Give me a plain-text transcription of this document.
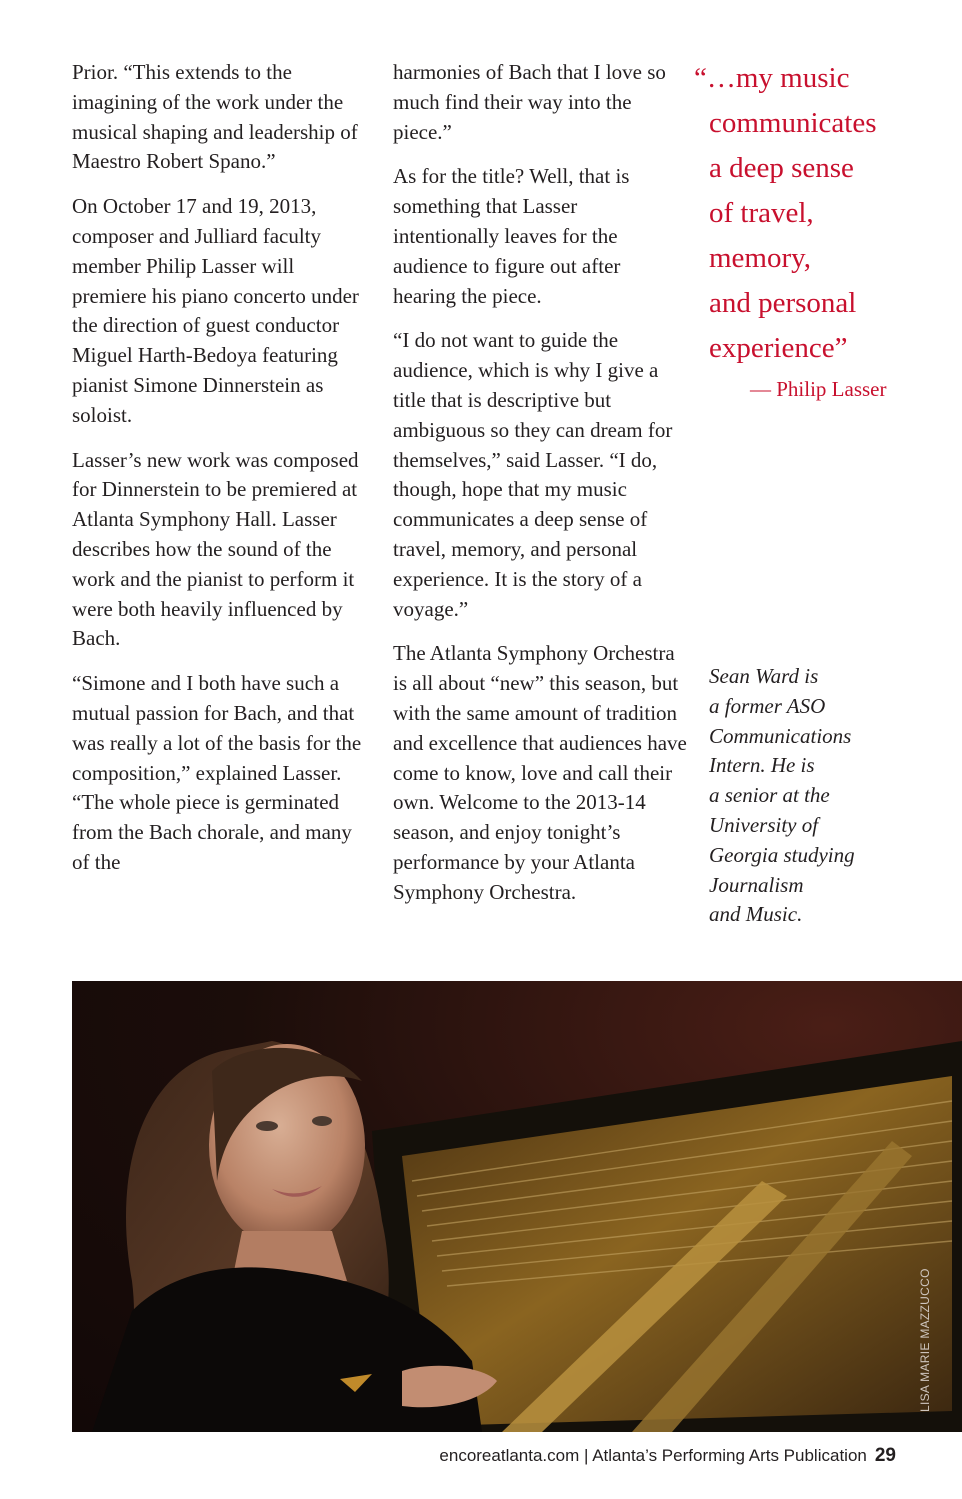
Prior. “This extends to the imagining of the work under the musical shaping and leadership of Maestro Robert Spano.”

On October 17 and 19, 2013, composer and Julliard faculty member Philip Lasser will premiere his piano concerto under the direction of guest conductor Miguel Harth-Bedoya featuring pianist Simone Dinnerstein as soloist.

Lasser’s new work was composed for Dinnerstein to be premiered at Atlanta Symphony Hall. Lasser describes how the sound of the work and the pianist to perform it were both heavily influenced by Bach.

“Simone and I both have such a mutual passion for Bach, and that was really a lot of the basis for the composition,” explained Lasser. “The whole piece is germinated from the Bach chorale, and many of the

harmonies of Bach that I love so much find their way into the piece.”

As for the title? Well, that is something that Lasser intentionally leaves for the audience to figure out after hearing the piece.

“I do not want to guide the audience, which is why I give a title that is descriptive but ambiguous so they can dream for themselves,” said Lasser. “I do, though, hope that my music communicates a deep sense of travel, memory, and personal experience. It is the story of a voyage.”

The Atlanta Symphony Orchestra is all about “new” this season, but with the same amount of tradition and excellence that audiences have come to know, love and call their own. Welcome to the 2013-14 season, and enjoy tonight’s performance by your Atlanta Symphony Orchestra.

“…my music
communicates
a deep sense
of travel,
memory,
and personal
experience”
— Philip Lasser
Sean Ward is
a former ASO
Communications
Intern. He is
a senior at the
University of
Georgia studying
Journalism
and Music.
LISA MARIE MAZZUCCO
encoreatlanta.com | Atlanta’s Performing Arts Publication 29
